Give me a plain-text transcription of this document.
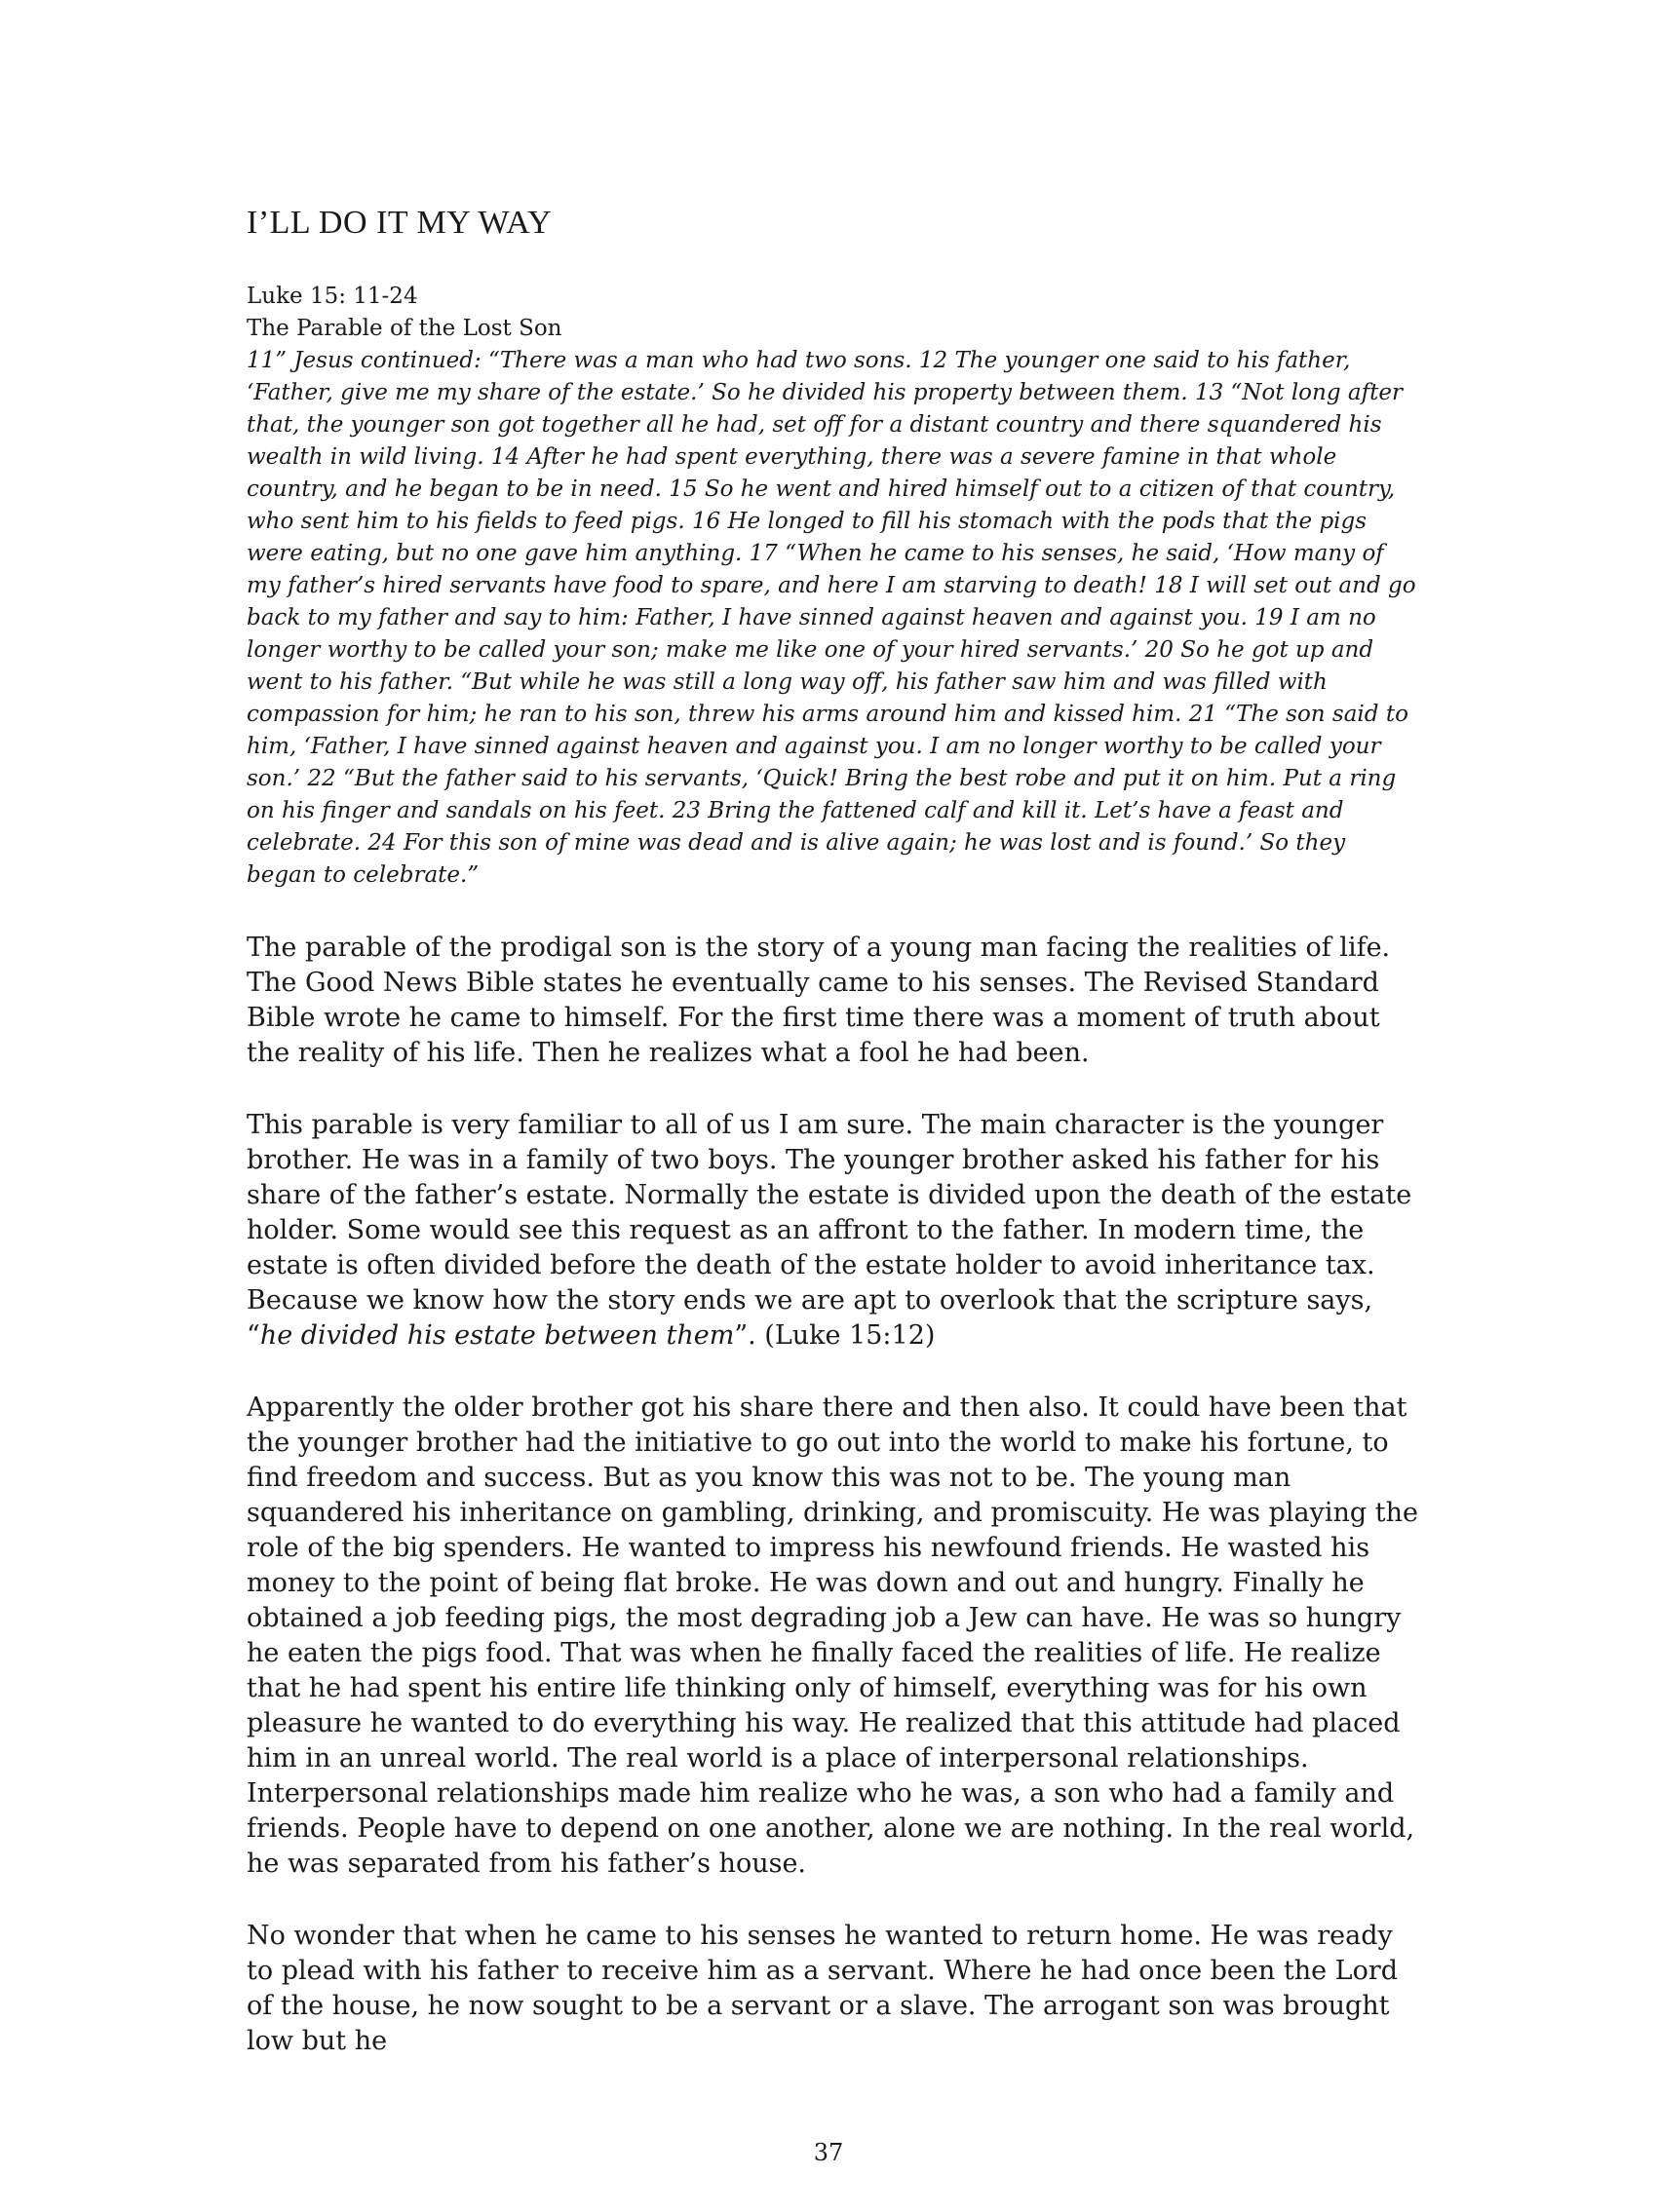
I’LL DO IT MY WAY

Luke 15: 11-24

The Parable of the Lost Son

11” Jesus continued: “There was a man who had two sons. 12 The younger one said to his father, ‘Father, give me my share of the estate.’ So he divided his property between them. 13 “Not long after that, the younger son got together all he had, set off for a distant country and there squandered his wealth in wild living. 14 After he had spent everything, there was a severe famine in that whole country, and he began to be in need. 15 So he went and hired himself out to a citizen of that country, who sent him to his fields to feed pigs. 16 He longed to fill his stomach with the pods that the pigs were eating, but no one gave him anything. 17 “When he came to his senses, he said, ‘How many of my father’s hired servants have food to spare, and here I am starving to death! 18 I will set out and go back to my father and say to him: Father, I have sinned against heaven and against you. 19 I am no longer worthy to be called your son; make me like one of your hired servants.’ 20 So he got up and went to his father. “But while he was still a long way off, his father saw him and was filled with compassion for him; he ran to his son, threw his arms around him and kissed him. 21 “The son said to him, ‘Father, I have sinned against heaven and against you. I am no longer worthy to be called your son.’ 22 “But the father said to his servants, ‘Quick! Bring the best robe and put it on him. Put a ring on his finger and sandals on his feet. 23 Bring the fattened calf and kill it. Let’s have a feast and celebrate. 24 For this son of mine was dead and is alive again; he was lost and is found.’ So they began to celebrate.”

The parable of the prodigal son is the story of a young man facing the realities of life. The Good News Bible states he eventually came to his senses. The Revised Standard Bible wrote he came to himself. For the first time there was a moment of truth about the reality of his life. Then he realizes what a fool he had been.

This parable is very familiar to all of us I am sure. The main character is the younger brother. He was in a family of two boys. The younger brother asked his father for his share of the father’s estate. Normally the estate is divided upon the death of the estate holder. Some would see this request as an affront to the father. In modern time, the estate is often divided before the death of the estate holder to avoid inheritance tax. Because we know how the story ends we are apt to overlook that the scripture says, “he divided his estate between them”. (Luke 15:12)

Apparently the older brother got his share there and then also. It could have been that the younger brother had the initiative to go out into the world to make his fortune, to find freedom and success. But as you know this was not to be. The young man squandered his inheritance on gambling, drinking, and promiscuity. He was playing the role of the big spenders. He wanted to impress his newfound friends. He wasted his money to the point of being flat broke. He was down and out and hungry. Finally he obtained a job feeding pigs, the most degrading job a Jew can have. He was so hungry he eaten the pigs food. That was when he finally faced the realities of life. He realize that he had spent his entire life thinking only of himself, everything was for his own pleasure he wanted to do everything his way. He realized that this attitude had placed him in an unreal world. The real world is a place of interpersonal relationships. Interpersonal relationships made him realize who he was, a son who had a family and friends. People have to depend on one another, alone we are nothing. In the real world, he was separated from his father’s house.

No wonder that when he came to his senses he wanted to return home. He was ready to plead with his father to receive him as a servant. Where he had once been the Lord of the house, he now sought to be a servant or a slave. The arrogant son was brought low but he

37
